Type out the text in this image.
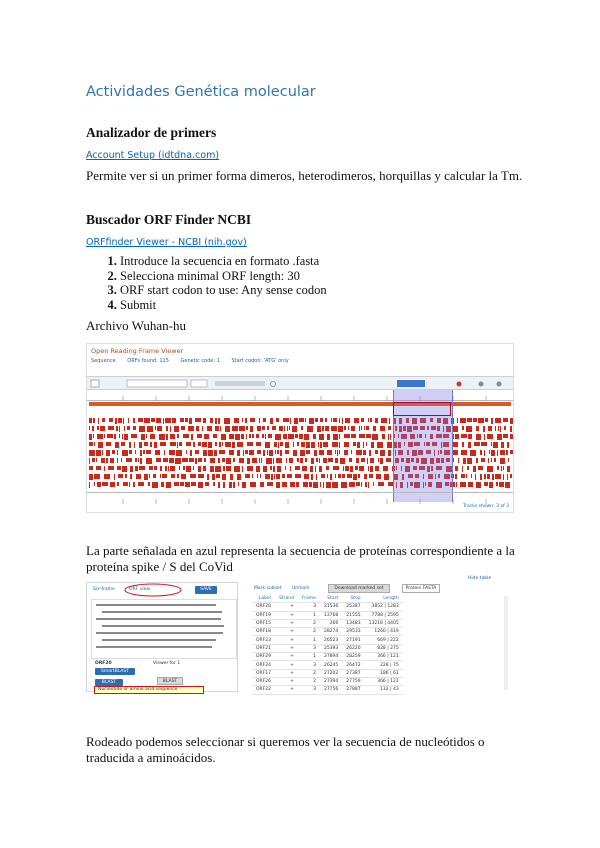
Actividades Genética molecular
Analizador de primers
Account Setup (idtdna.com)
Permite ver si un primer forma dimeros, heterodimeros, horquillas y calcular la Tm.
Buscador ORF Finder NCBI
ORFfinder Viewer - NCBI (nih.gov)
1. Introduce la secuencia en formato .fasta
2. Selecciona minimal ORF length: 30
3. ORF start codon to use: Any sense codon
4. Submit
Archivo Wuhan-hu
Open Reading Frame Viewer
Sequence ORFs found: 115 Genetic code: 1 Start codon: 'ATG' only
Tracks shown: 3 of 3
La parte señalada en azul representa la secuencia de proteínas correspondiente a la proteína spike / S del CoVid
Six-frame	ORF view	SAVE
ORF20	Viewer for 1
SmartBLAST
BLAST	BLAST
Nucleotide or amino acid sequence
Mark subset Unmark	Download marked set	Protein FASTA
Hide table
Label	Strand	Frame	Start	Stop	Length
ORF20	+	3	21536	25387	3852 | 1283
ORF19	+	1	13768	21555	7788 | 2595
ORF15	+	2	266	13483	13218 | 4405
ORF18	+	2	28274	29533	1260 | 419
ORF23	+	1	26523	27191	669 | 222
ORF21	+	3	25393	26220	828 | 275
ORF29	+	1	27894	28259	366 | 121
ORF24	+	3	26245	26472	228 | 75
ORF17	+	2	27202	27387	186 | 61
ORF26	+	2	27394	27759	366 | 121
ORF22	+	3	27756	27887	132 | 43
Rodeado podemos seleccionar si queremos ver la secuencia de nucleótidos o traducida a aminoácidos.
